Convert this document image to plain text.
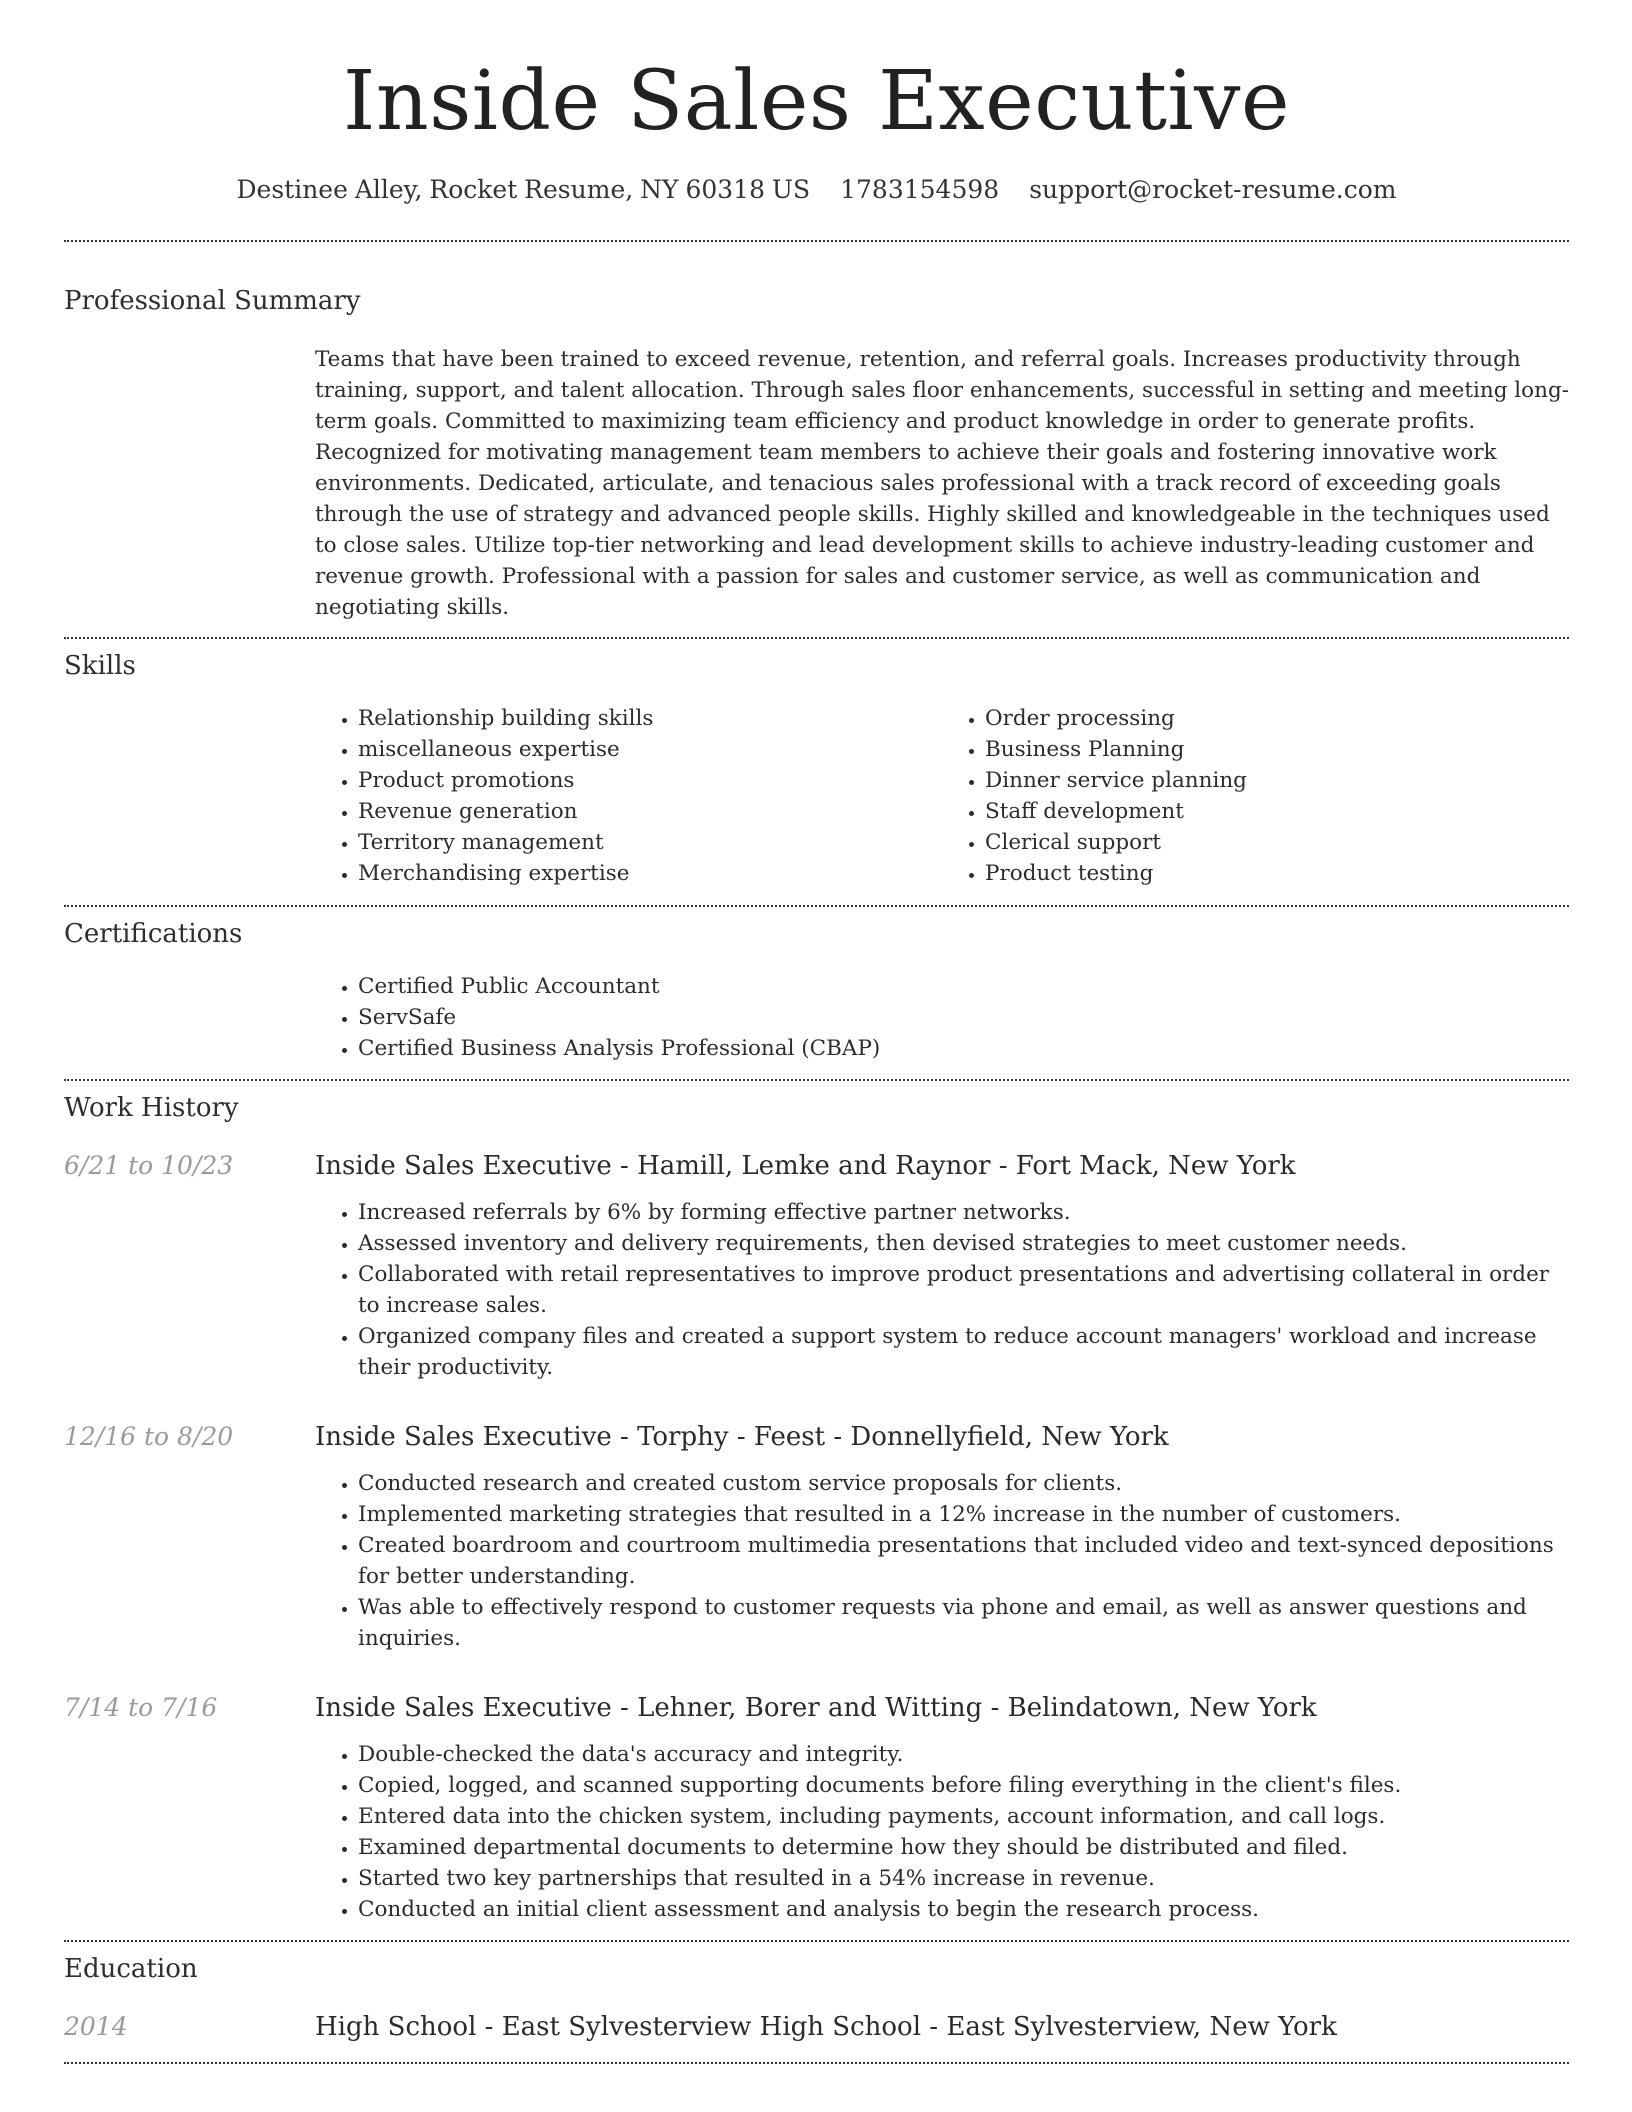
Inside Sales Executive
Destinee Alley, Rocket Resume, NY 60318 US 1783154598 support@rocket-resume.com
Professional Summary
Teams that have been trained to exceed revenue, retention, and referral goals. Increases productivity through training, support, and talent allocation. Through sales floor enhancements, successful in setting and meeting long-term goals. Committed to maximizing team efficiency and product knowledge in order to generate profits. Recognized for motivating management team members to achieve their goals and fostering innovative work environments. Dedicated, articulate, and tenacious sales professional with a track record of exceeding goals through the use of strategy and advanced people skills. Highly skilled and knowledgeable in the techniques used to close sales. Utilize top-tier networking and lead development skills to achieve industry-leading customer and revenue growth. Professional with a passion for sales and customer service, as well as communication and negotiating skills.
Skills
• Relationship building skills
• miscellaneous expertise
• Product promotions
• Revenue generation
• Territory management
• Merchandising expertise
• Order processing
• Business Planning
• Dinner service planning
• Staff development
• Clerical support
• Product testing
Certifications
• Certified Public Accountant
• ServSafe
• Certified Business Analysis Professional (CBAP)
Work History
6/21 to 10/23	Inside Sales Executive - Hamill, Lemke and Raynor - Fort Mack, New York
• Increased referrals by 6% by forming effective partner networks.
• Assessed inventory and delivery requirements, then devised strategies to meet customer needs.
• Collaborated with retail representatives to improve product presentations and advertising collateral in order to increase sales.
• Organized company files and created a support system to reduce account managers' workload and increase their productivity.
12/16 to 8/20	Inside Sales Executive - Torphy - Feest - Donnellyfield, New York
• Conducted research and created custom service proposals for clients.
• Implemented marketing strategies that resulted in a 12% increase in the number of customers.
• Created boardroom and courtroom multimedia presentations that included video and text-synced depositions for better understanding.
• Was able to effectively respond to customer requests via phone and email, as well as answer questions and inquiries.
7/14 to 7/16	Inside Sales Executive - Lehner, Borer and Witting - Belindatown, New York
• Double-checked the data's accuracy and integrity.
• Copied, logged, and scanned supporting documents before filing everything in the client's files.
• Entered data into the chicken system, including payments, account information, and call logs.
• Examined departmental documents to determine how they should be distributed and filed.
• Started two key partnerships that resulted in a 54% increase in revenue.
• Conducted an initial client assessment and analysis to begin the research process.
Education
2014	High School - East Sylvesterview High School - East Sylvesterview, New York
